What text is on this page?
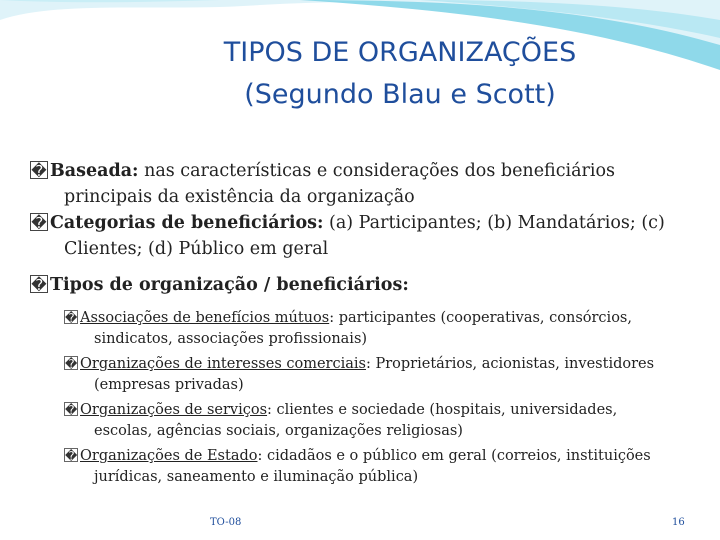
TIPOS DE ORGANIZAÇÕES
(Segundo Blau e Scott)

� Baseada: nas características e considerações dos beneficiários principais da existência da organização

� Categorias de beneficiários: (a) Participantes; (b) Mandatários; (c) Clientes; (d) Público em geral

� Tipos de organização / beneficiários:

� Associações de benefícios mútuos: participantes (cooperativas, consórcios, sindicatos, associações profissionais)

� Organizações de interesses comerciais: Proprietários, acionistas, investidores (empresas privadas)

� Organizações de serviços: clientes e sociedade (hospitais, universidades, escolas, agências sociais, organizações religiosas)

� Organizações de Estado: cidadãos e o público em geral (correios, instituições jurídicas, saneamento e iluminação pública)

TO-08	16
